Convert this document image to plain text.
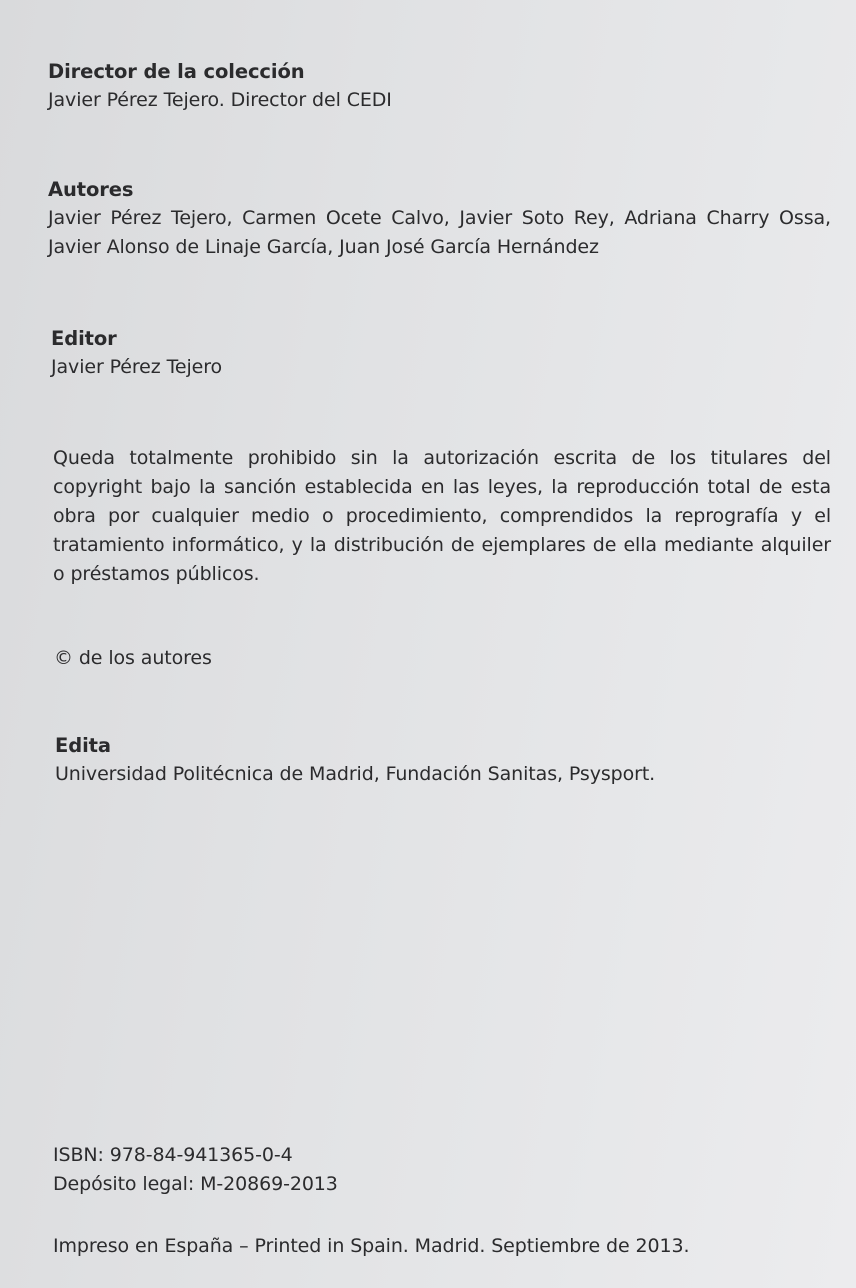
Director de la colección
Javier Pérez Tejero. Director del CEDI
Autores
Javier Pérez Tejero, Carmen Ocete Calvo, Javier Soto Rey, Adriana Charry Ossa,
Javier Alonso de Linaje García, Juan José García Hernández
Editor
Javier Pérez Tejero
Queda totalmente prohibido sin la autorización escrita de los titulares del
copyright bajo la sanción establecida en las leyes, la reproducción total de esta
obra por cualquier medio o procedimiento, comprendidos la reprografía y el
tratamiento informático, y la distribución de ejemplares de ella mediante alquiler
o préstamos públicos.
© de los autores
Edita
Universidad Politécnica de Madrid, Fundación Sanitas, Psysport.
ISBN: 978-84-941365-0-4
Depósito legal: M-20869-2013
Impreso en España – Printed in Spain. Madrid. Septiembre de 2013.
